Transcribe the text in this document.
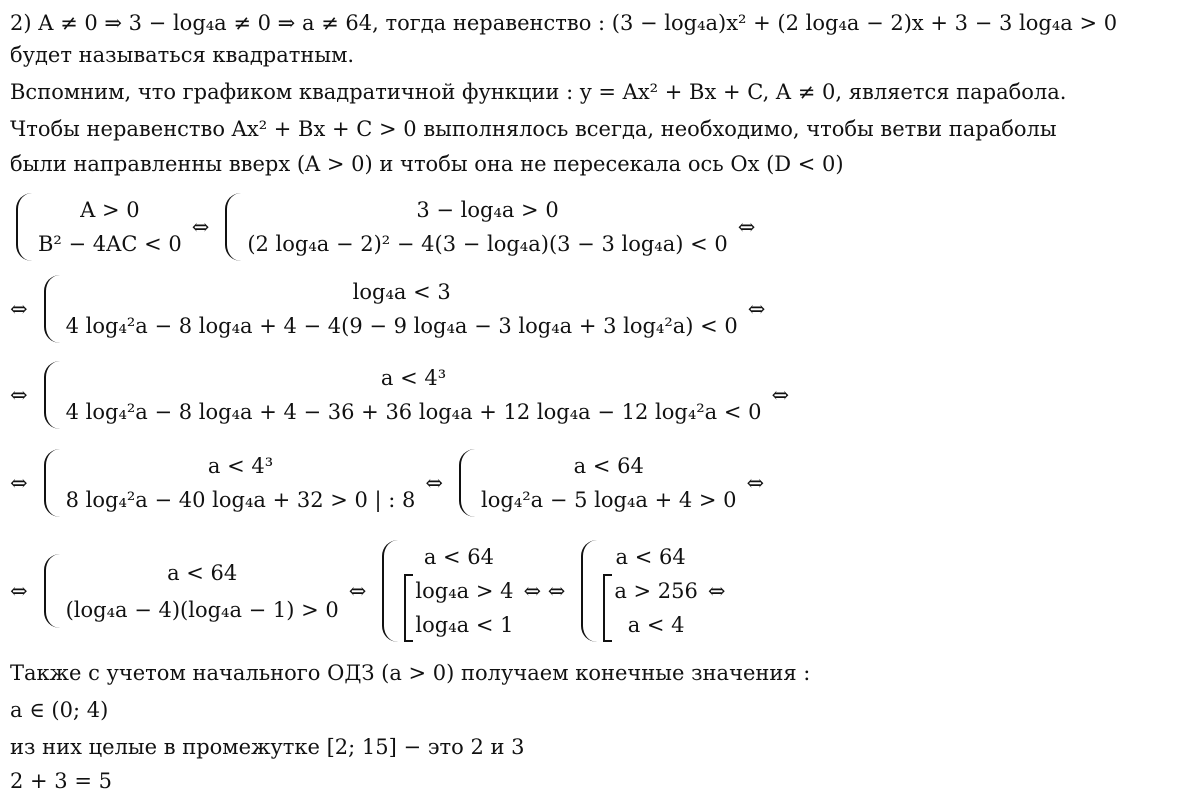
2) A ≠ 0 ⇒ 3 − log₄a ≠ 0 ⇒ a ≠ 64, тогда неравенство : (3 − log₄a)x² + (2 log₄a − 2)x + 3 − 3 log₄a > 0
будет называться квадратным.
Вспомним, что графиком квадратичной функции : y = Ax² + Bx + C, A ≠ 0, является парабола.
Чтобы неравенство Ax² + Bx + C > 0 выполнялось всегда, необходимо, чтобы ветви параболы
были направленны вверх (A > 0) и чтобы она не пересекала ось Ox (D < 0)
A > 0
B² − 4AC < 0
⇔
3 − log₄a > 0
(2 log₄a − 2)² − 4(3 − log₄a)(3 − 3 log₄a) < 0
⇔
⇔
log₄a < 3
4 log₄²a − 8 log₄a + 4 − 4(9 − 9 log₄a − 3 log₄a + 3 log₄²a) < 0
⇔
⇔
a < 4³
4 log₄²a − 8 log₄a + 4 − 36 + 36 log₄a + 12 log₄a − 12 log₄²a < 0
⇔
⇔
a < 4³
8 log₄²a − 40 log₄a + 32 > 0 | : 8
⇔
a < 64
log₄²a − 5 log₄a + 4 > 0
⇔
⇔
a < 64
(log₄a − 4)(log₄a − 1) > 0
⇔
a < 64
log₄a > 4
log₄a < 1
⇔ ⇔
a < 64
a > 256
a < 4
⇔
Также с учетом начального ОДЗ (a > 0) получаем конечные значения :
a ∈ (0; 4)
из них целые в промежутке [2; 15] − это 2 и 3
2 + 3 = 5
